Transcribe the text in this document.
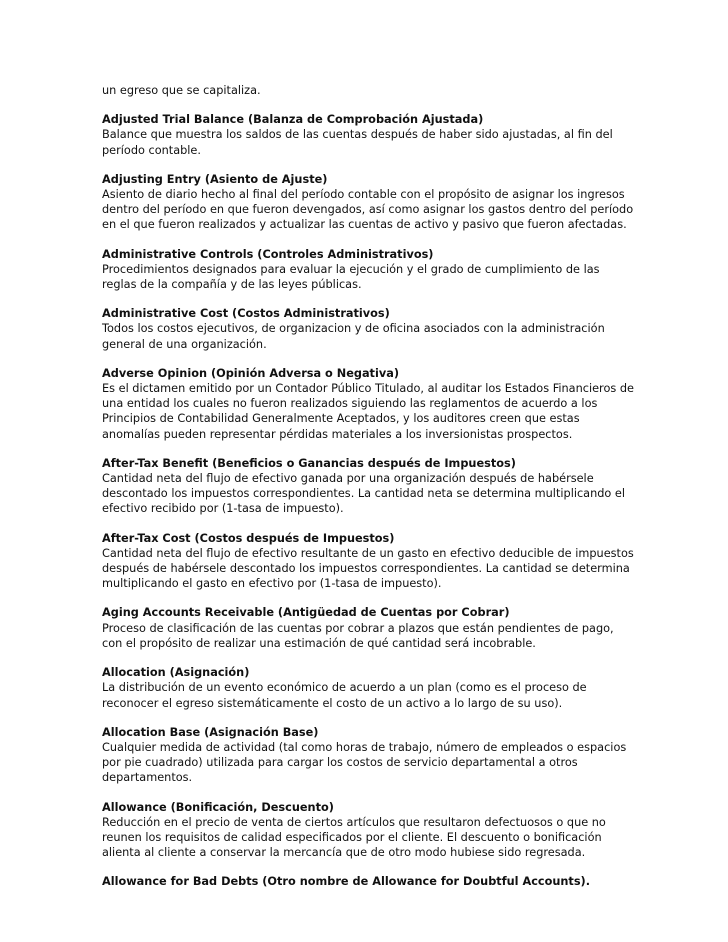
un egreso que se capitaliza.

Adjusted Trial Balance (Balanza de Comprobación Ajustada)
Balance que muestra los saldos de las cuentas después de haber sido ajustadas, al fin del período contable.
Adjusting Entry (Asiento de Ajuste)
Asiento de diario hecho al final del período contable con el propósito de asignar los ingresos dentro del período en que fueron devengados, así como asignar los gastos dentro del período en el que fueron realizados y actualizar las cuentas de activo y pasivo que fueron afectadas.
Administrative Controls (Controles Administrativos)
Procedimientos designados para evaluar la ejecución y el grado de cumplimiento de las reglas de la compañía y de las leyes públicas.
Administrative Cost (Costos Administrativos)
Todos los costos ejecutivos, de organizacion y de oficina asociados con la administración general de una organización.
Adverse Opinion (Opinión Adversa o Negativa)
Es el dictamen emitido por un Contador Público Titulado, al auditar los Estados Financieros de una entidad los cuales no fueron realizados siguiendo las reglamentos de acuerdo a los Principios de Contabilidad Generalmente Aceptados, y los auditores creen que estas anomalías pueden representar pérdidas materiales a los inversionistas prospectos.
After-Tax Benefit (Beneficios o Ganancias después de Impuestos)
Cantidad neta del flujo de efectivo ganada por una organización después de habérsele descontado los impuestos correspondientes. La cantidad neta se determina multiplicando el efectivo recibido por (1-tasa de impuesto).
After-Tax Cost (Costos después de Impuestos)
Cantidad neta del flujo de efectivo resultante de un gasto en efectivo deducible de impuestos después de habérsele descontado los impuestos correspondientes. La cantidad se determina multiplicando el gasto en efectivo por (1-tasa de impuesto).
Aging Accounts Receivable (Antigüedad de Cuentas por Cobrar)
Proceso de clasificación de las cuentas por cobrar a plazos que están pendientes de pago, con el propósito de realizar una estimación de qué cantidad será incobrable.
Allocation (Asignación)
La distribución de un evento económico de acuerdo a un plan (como es el proceso de reconocer el egreso sistemáticamente el costo de un activo a lo largo de su uso).
Allocation Base (Asignación Base)
Cualquier medida de actividad (tal como horas de trabajo, número de empleados o espacios por pie cuadrado) utilizada para cargar los costos de servicio departamental a otros departamentos.
Allowance (Bonificación, Descuento)
Reducción en el precio de venta de ciertos artículos que resultaron defectuosos o que no reunen los requisitos de calidad especificados por el cliente. El descuento o bonificación alienta al cliente a conservar la mercancía que de otro modo hubiese sido regresada.
Allowance for Bad Debts (Otro nombre de Allowance for Doubtful Accounts).
